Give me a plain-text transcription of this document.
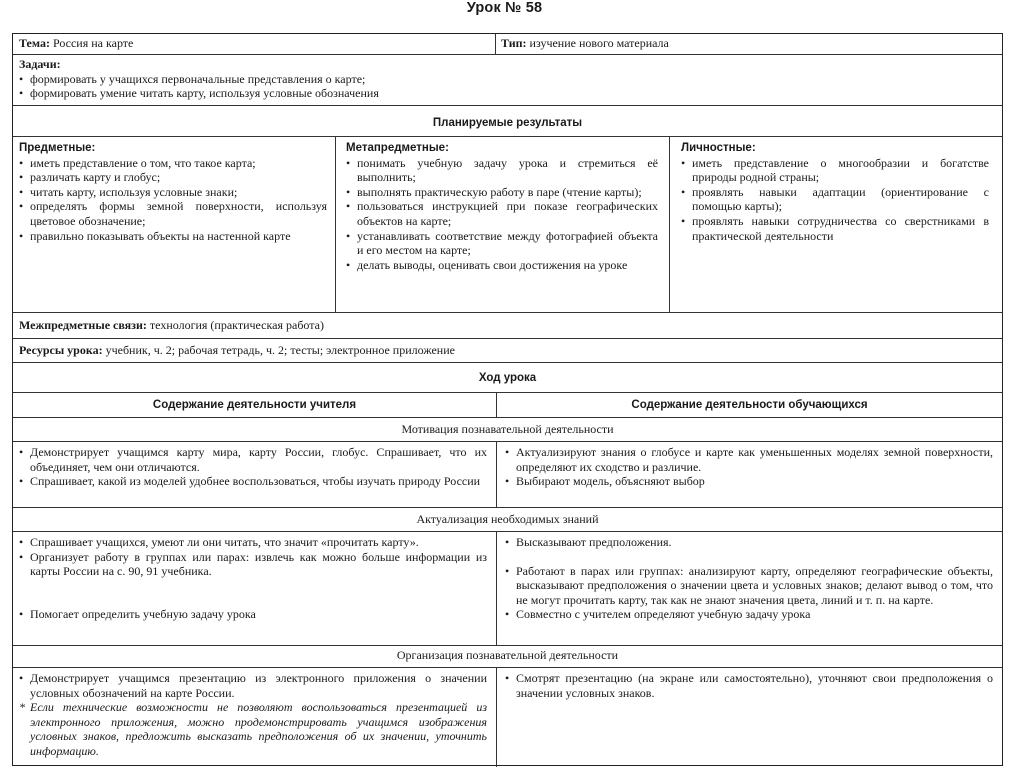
Урок № 58
Тема: Россия на карте	Тип: изучение нового материала
Задачи:
• формировать у учащихся первоначальные представления о карте;
• формировать умение читать карту, используя условные обозначения
Планируемые результаты
Предметные:
• иметь представление о том, что такое карта;
• различать карту и глобус;
• читать карту, используя условные знаки;
• определять формы земной поверхности, используя цветовое обозначение;
• правильно показывать объекты на настенной карте
Метапредметные:
• понимать учебную задачу урока и стремиться её выполнить;
• выполнять практическую работу в паре (чтение карты);
• пользоваться инструкцией при показе географических объектов на карте;
• устанавливать соответствие между фотографией объекта и его местом на карте;
• делать выводы, оценивать свои достижения на уроке
Личностные:
• иметь представление о многообразии и богатстве природы родной страны;
• проявлять навыки адаптации (ориентирование с помощью карты);
• проявлять навыки сотрудничества со сверстниками в практической деятельности
Межпредметные связи: технология (практическая работа)
Ресурсы урока: учебник, ч. 2; рабочая тетрадь, ч. 2; тесты; электронное приложение
Ход урока
Содержание деятельности учителя	Содержание деятельности обучающихся
Мотивация познавательной деятельности
• Демонстрирует учащимся карту мира, карту России, глобус. Спрашивает, что их объединяет, чем они отличаются.
• Спрашивает, какой из моделей удобнее воспользоваться, чтобы изучать природу России
• Актуализируют знания о глобусе и карте как уменьшенных моделях земной поверхности, определяют их сходство и различие.
• Выбирают модель, объясняют выбор
Актуализация необходимых знаний
• Спрашивает учащихся, умеют ли они читать, что значит «прочитать карту».
• Организует работу в группах или парах: извлечь как можно больше информации из карты России на с. 90, 91 учебника.
• Помогает определить учебную задачу урока
• Высказывают предположения.
• Работают в парах или группах: анализируют карту, определяют географические объекты, высказывают предположения о значении цвета и условных знаков; делают вывод о том, что не могут прочитать карту, так как не знают значения цвета, линий и т. п. на карте.
• Совместно с учителем определяют учебную задачу урока
Организация познавательной деятельности
• Демонстрирует учащимся презентацию из электронного приложения о значении условных обозначений на карте России.
* Если технические возможности не позволяют воспользоваться презентацией из электронного приложения, можно продемонстрировать учащимся изображения условных знаков, предложить высказать предположения об их значении, уточнить информацию.
• Смотрят презентацию (на экране или самостоятельно), уточняют свои предположения о значении условных знаков.
